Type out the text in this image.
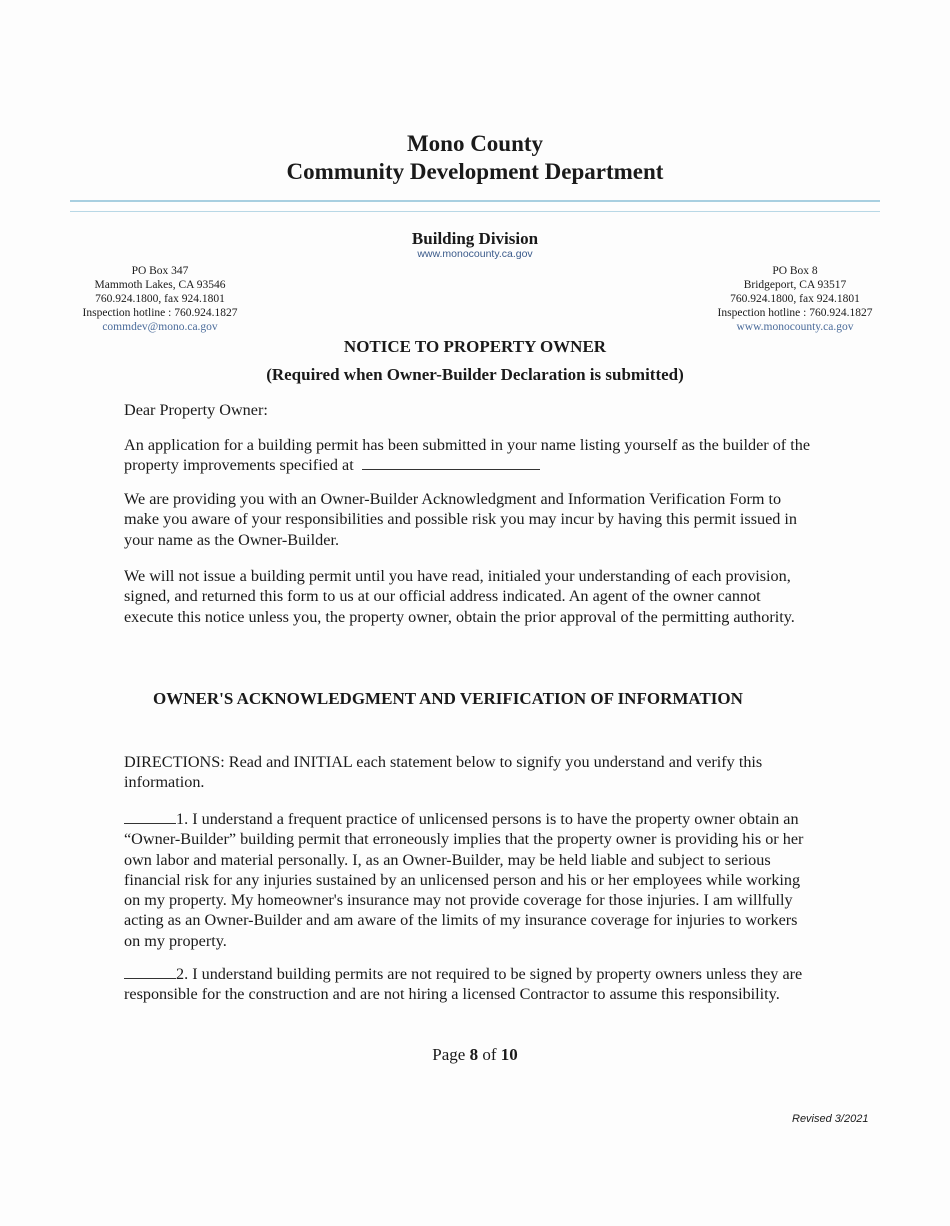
Mono County
Community Development Department
Building Division
www.monocounty.ca.gov
PO Box 347
Mammoth Lakes, CA 93546
760.924.1800, fax 924.1801
Inspection hotline : 760.924.1827
commdev@mono.ca.gov
PO Box 8
Bridgeport, CA 93517
760.924.1800, fax 924.1801
Inspection hotline : 760.924.1827
www.monocounty.ca.gov
NOTICE TO PROPERTY OWNER
(Required when Owner-Builder Declaration is submitted)
Dear Property Owner:
An application for a building permit has been submitted in your name listing yourself as the builder of the property improvements specified at
We are providing you with an Owner-Builder Acknowledgment and Information Verification Form to make you aware of your responsibilities and possible risk you may incur by having this permit issued in your name as the Owner-Builder.
We will not issue a building permit until you have read, initialed your understanding of each provision, signed, and returned this form to us at our official address indicated. An agent of the owner cannot execute this notice unless you, the property owner, obtain the prior approval of the permitting authority.
OWNER'S ACKNOWLEDGMENT AND VERIFICATION OF INFORMATION
DIRECTIONS: Read and INITIAL each statement below to signify you understand and verify this information.
1. I understand a frequent practice of unlicensed persons is to have the property owner obtain an “Owner-Builder” building permit that erroneously implies that the property owner is providing his or her own labor and material personally. I, as an Owner-Builder, may be held liable and subject to serious financial risk for any injuries sustained by an unlicensed person and his or her employees while working on my property. My homeowner's insurance may not provide coverage for those injuries. I am willfully acting as an Owner-Builder and am aware of the limits of my insurance coverage for injuries to workers on my property.
2. I understand building permits are not required to be signed by property owners unless they are responsible for the construction and are not hiring a licensed Contractor to assume this responsibility.
Page 8 of 10
Revised 3/2021
